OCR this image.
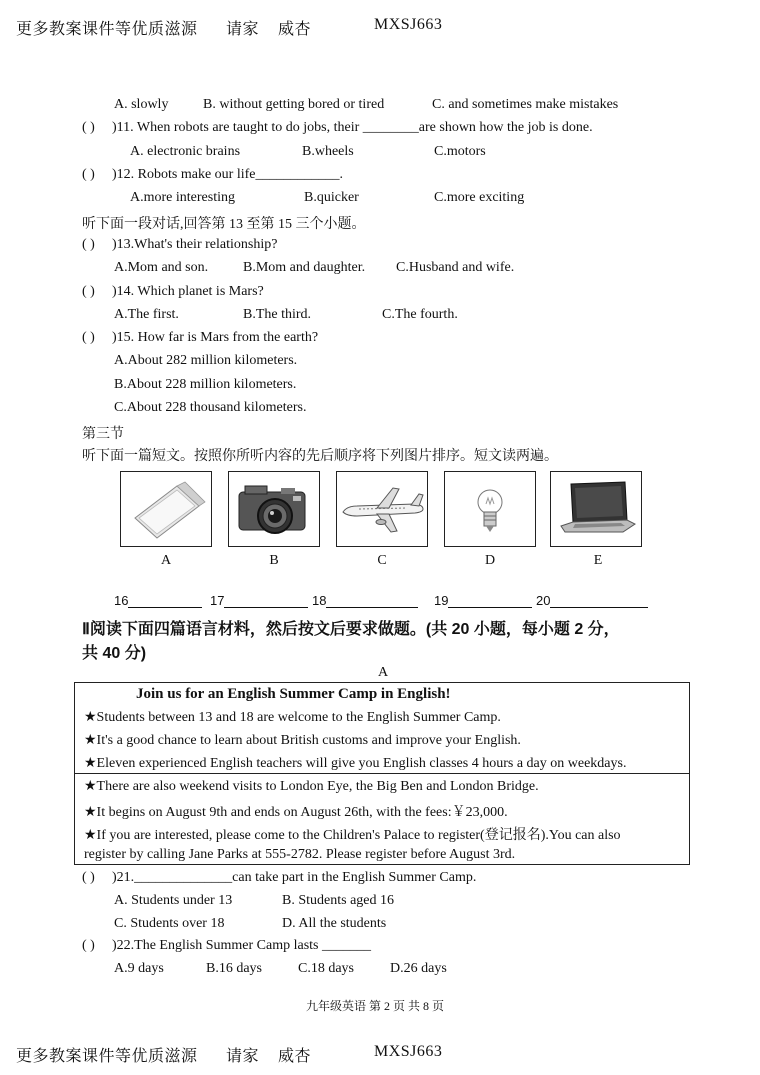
更多教案课件等优质滋源 请家 威杏	MXSJ663
A. slowly B. without getting bored or tired	C. and sometimes make mistakes
( ) )11. When robots are taught to do jobs, their ________are shown how the job is done.
A. electronic brains	B.wheels	C.motors
( ) )12. Robots make our life____________.
A.more interesting	B.quicker	C.more exciting
听下面一段对话,回答第 13 至第 15 三个小题。
( ) )13.What's their relationship?
A.Mom and son. B.Mom and daughter. C.Husband and wife.
( ) )14. Which planet is Mars?
A.The first.	B.The third.	C.The fourth.
( ) )15. How far is Mars from the earth?
A.About 282 million kilometers.
B.About 228 million kilometers.
C.About 228 thousand kilometers.
第三节
听下面一篇短文。按照你所听内容的先后顺序将下列图片排序。短文读两遍。
A	B	C	D	E
16	17	18	19	20
Ⅱ阅读下面四篇语言材料，然后按文后要求做题。(共 20 小题，每小题 2 分，
共 40 分)
A
Join us for an English Summer Camp in English!
★Students between 13 and 18 are welcome to the English Summer Camp.
★It's a good chance to learn about British customs and improve your English.
★Eleven experienced English teachers will give you English classes 4 hours a day on weekdays.
★There are also weekend visits to London Eye, the Big Ben and London Bridge.
★It begins on August 9th and ends on August 26th, with the fees:￥23,000.
★If you are interested, please come to the Children's Palace to register(登记报名).You can also
register by calling Jane Parks at 555-2782. Please register before August 3rd.
( ) )21.______________can take part in the English Summer Camp.
A. Students under 13	B. Students aged 16
C. Students over 18	D. All the students
( ) )22.The English Summer Camp lasts _______
A.9 days	B.16 days	C.18 days	D.26 days
九年级英语 第 2 页 共 8 页
更多教案课件等优质滋源 请家 威杏	MXSJ663
